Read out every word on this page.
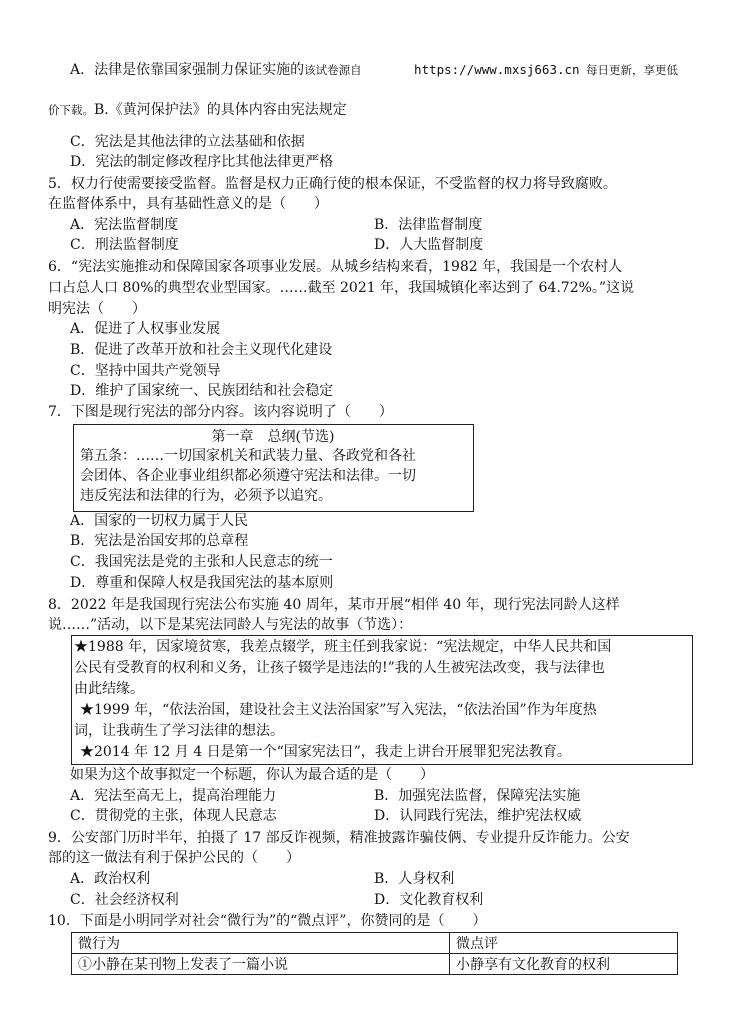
A．法律是依靠国家强制力保证实施的该试卷源自	https://www.mxsj663.cn 每日更新，享更低
价下载。B.《黄河保护法》的具体内容由宪法规定
C．宪法是其他法律的立法基础和依据
D．宪法的制定修改程序比其他法律更严格
5．权力行使需要接受监督。监督是权力正确行使的根本保证，不受监督的权力将导致腐败。
在监督体系中，具有基础性意义的是（　　）
A．宪法监督制度	B．法律监督制度
C．刑法监督制度	D．人大监督制度
6．“宪法实施推动和保障国家各项事业发展。从城乡结构来看，1982 年，我国是一个农村人
口占总人口 80%的典型农业型国家。……截至 2021 年，我国城镇化率达到了 64.72%。”这说
明宪法（　　）
A．促进了人权事业发展
B．促进了改革开放和社会主义现代化建设
C．坚持中国共产党领导
D．维护了国家统一、民族团结和社会稳定
7．下图是现行宪法的部分内容。该内容说明了（　　）
第一章　总纲(节选)
第五条：……一切国家机关和武装力量、各政党和各社
会团体、各企业事业组织都必须遵守宪法和法律。一切
违反宪法和法律的行为，必须予以追究。
A．国家的一切权力属于人民
B．宪法是治国安邦的总章程
C．我国宪法是党的主张和人民意志的统一
D．尊重和保障人权是我国宪法的基本原则
8．2022 年是我国现行宪法公布实施 40 周年，某市开展“相伴 40 年，现行宪法同龄人这样
说……”活动，以下是某宪法同龄人与宪法的故事（节选）：
★1988 年，因家境贫寒，我差点辍学，班主任到我家说：“宪法规定，中华人民共和国
公民有受教育的权利和义务，让孩子辍学是违法的!”我的人生被宪法改变，我与法律也
由此结缘。
★1999 年，“依法治国，建设社会主义法治国家”写入宪法，“依法治国”作为年度热
词，让我萌生了学习法律的想法。
★2014 年 12 月 4 日是第一个“国家宪法日”，我走上讲台开展罪犯宪法教育。
如果为这个故事拟定一个标题，你认为最合适的是（　　）
A．宪法至高无上，提高治理能力	B．加强宪法监督，保障宪法实施
C．贯彻党的主张，体现人民意志	D．认同践行宪法，维护宪法权威
9．公安部门历时半年，拍摄了 17 部反诈视频，精准披露诈骗伎俩、专业提升反诈能力。公安
部的这一做法有利于保护公民的（　　）
A．政治权利	B．人身权利
C．社会经济权利	D．文化教育权利
10．下面是小明同学对社会“微行为”的“微点评”，你赞同的是（　　）
微行为	微点评
①小静在某刊物上发表了一篇小说	小静享有文化教育的权利
